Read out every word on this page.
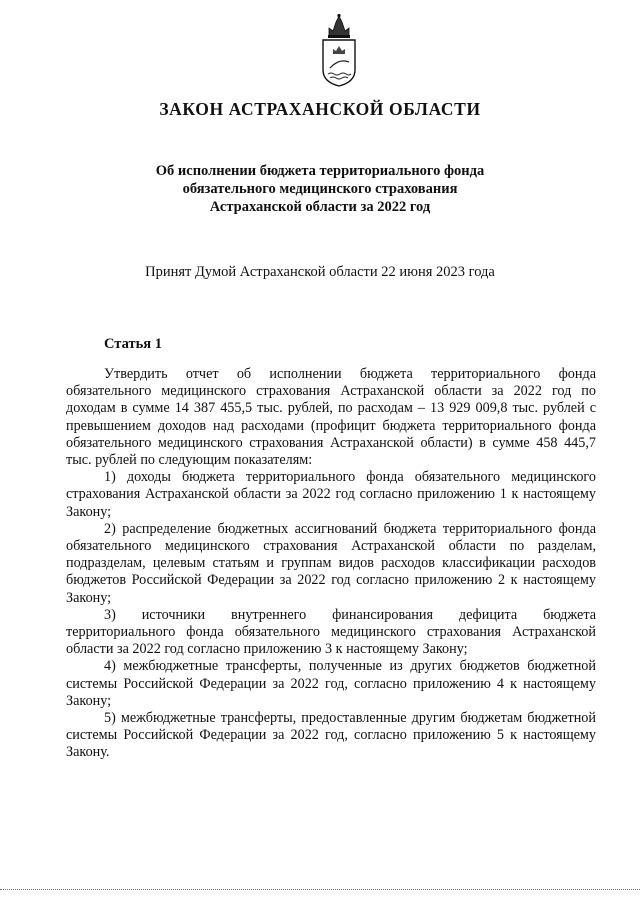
ЗАКОН АСТРАХАНСКОЙ ОБЛАСТИ
Об исполнении бюджета территориального фонда
обязательного медицинского страхования
Астраханской области за 2022 год
Принят Думой Астраханской области 22 июня 2023 года
Статья 1

Утвердить отчет об исполнении бюджета территориального фонда обязательного медицинского страхования Астраханской области за 2022 год по доходам в сумме 14 387 455,5 тыс. рублей, по расходам – 13 929 009,8 тыс. рублей с превышением доходов над расходами (профицит бюджета территориального фонда обязательного медицинского страхования Астраханской области) в сумме 458 445,7 тыс. рублей по следующим показателям:

1) доходы бюджета территориального фонда обязательного медицинского страхования Астраханской области за 2022 год согласно приложению 1 к настоящему Закону;

2) распределение бюджетных ассигнований бюджета территориального фонда обязательного медицинского страхования Астраханской области по разделам, подразделам, целевым статьям и группам видов расходов классификации расходов бюджетов Российской Федерации за 2022 год согласно приложению 2 к настоящему Закону;

3) источники внутреннего финансирования дефицита бюджета территориального фонда обязательного медицинского страхования Астраханской области за 2022 год согласно приложению 3 к настоящему Закону;

4) межбюджетные трансферты, полученные из других бюджетов бюджетной системы Российской Федерации за 2022 год, согласно приложению 4 к настоящему Закону;

5) межбюджетные трансферты, предоставленные другим бюджетам бюджетной системы Российской Федерации за 2022 год, согласно приложению 5 к настоящему Закону.
